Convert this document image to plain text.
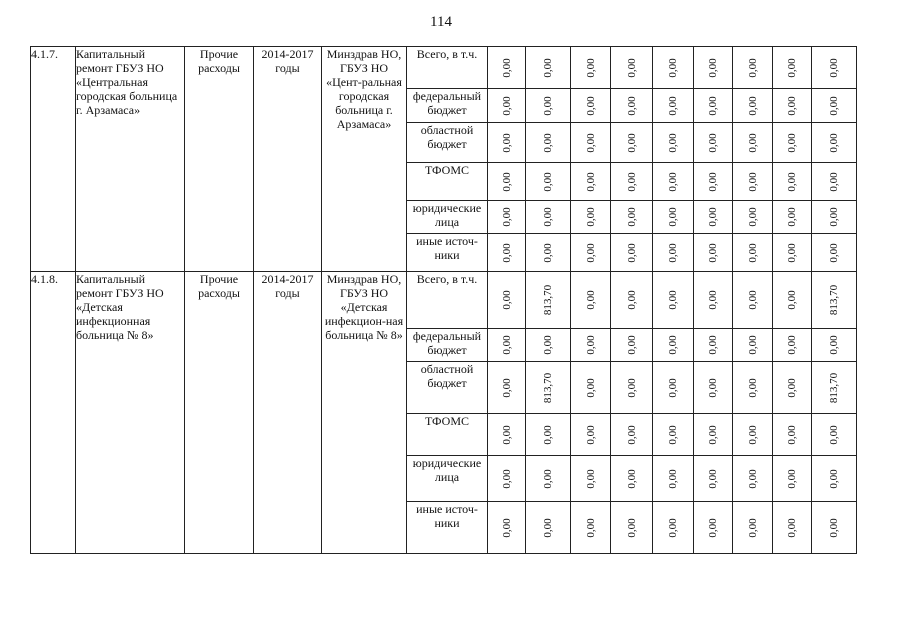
114
4.1.7.	Капитальный ремонт ГБУЗ НО «Центральная городская больница г. Арзамаса»	Прочие расходы	2014-2017 годы	Минздрав НО, ГБУЗ НО «Цент-ральная городская больница г. Арзамаса»	Всего, в т.ч.	0,00	0,00	0,00	0,00	0,00	0,00	0,00	0,00	0,00

					федеральный бюджет	0,00	0,00	0,00	0,00	0,00	0,00	0,00	0,00	0,00

					областной бюджет	0,00	0,00	0,00	0,00	0,00	0,00	0,00	0,00	0,00

					ТФОМС	0,00	0,00	0,00	0,00	0,00	0,00	0,00	0,00	0,00

					юридические лица	0,00	0,00	0,00	0,00	0,00	0,00	0,00	0,00	0,00

					иные источ-ники	0,00	0,00	0,00	0,00	0,00	0,00	0,00	0,00	0,00

4.1.8.	Капитальный ремонт ГБУЗ НО «Детская инфекционная больница № 8»	Прочие расходы	2014-2017 годы	Минздрав НО, ГБУЗ НО «Детская инфекцион-ная больница № 8»	Всего, в т.ч.	0,00	813,70	0,00	0,00	0,00	0,00	0,00	0,00	813,70

					федеральный бюджет	0,00	0,00	0,00	0,00	0,00	0,00	0,00	0,00	0,00

					областной бюджет	0,00	813,70	0,00	0,00	0,00	0,00	0,00	0,00	813,70

					ТФОМС	0,00	0,00	0,00	0,00	0,00	0,00	0,00	0,00	0,00

					юридические лица	0,00	0,00	0,00	0,00	0,00	0,00	0,00	0,00	0,00

					иные источ-ники	0,00	0,00	0,00	0,00	0,00	0,00	0,00	0,00	0,00
